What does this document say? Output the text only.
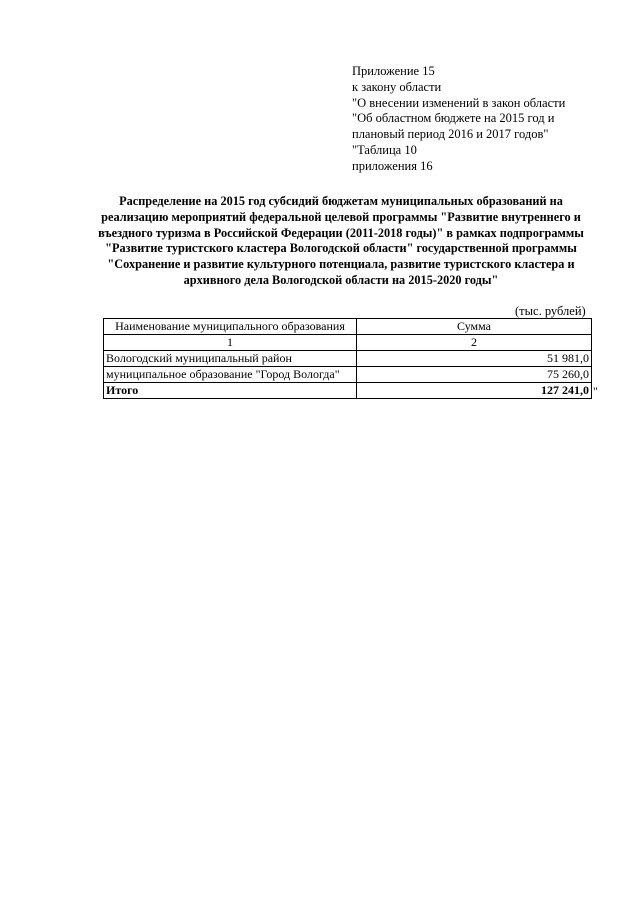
Приложение 15
к закону области
"О внесении изменений в закон области
"Об областном бюджете на 2015 год и
плановый период 2016 и 2017 годов"
"Таблица 10
приложения 16
Распределение на 2015 год субсидий бюджетам муниципальных образований на
реализацию мероприятий федеральной целевой программы "Развитие внутреннего и
въездного туризма в Российской Федерации (2011-2018 годы)" в рамках подпрограммы
"Развитие туристского кластера Вологодской области" государственной программы
"Сохранение и развитие культурного потенциала, развитие туристского кластера и
архивного дела Вологодской области на 2015-2020 годы"
(тыс. рублей)
Наименование муниципального образования	Сумма
1	2
Вологодский муниципальный район	51 981,0
муниципальное образование "Город Вологда"	75 260,0
Итого	127 241,0 "
